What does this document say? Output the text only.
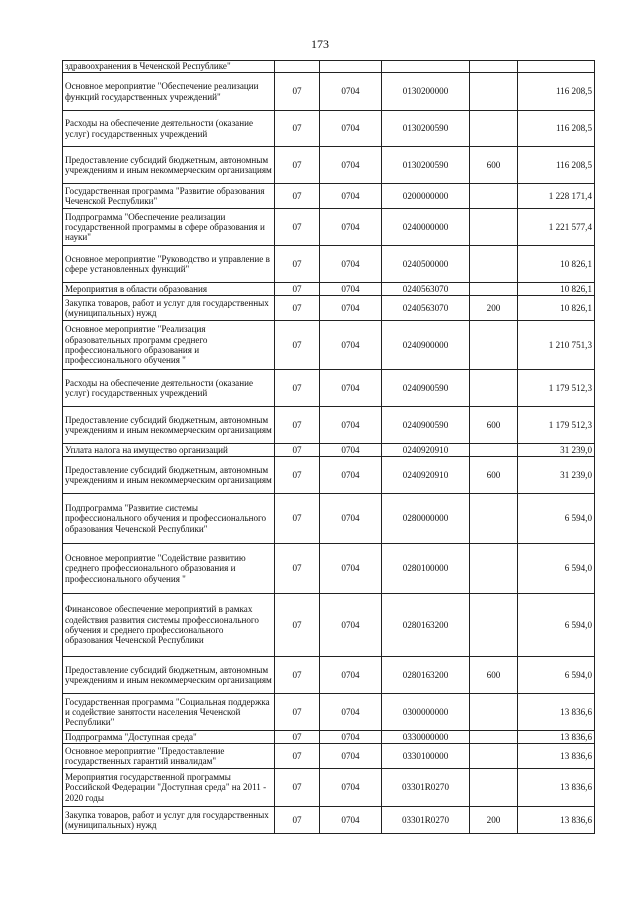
173
здравоохранения в Чеченской Республике"					
Основное мероприятие "Обеспечение реализации функций государственных учреждений"	07	0704	0130200000		116 208,5
Расходы на обеспечение деятельности (оказание услуг) государственных учреждений	07	0704	0130200590		116 208,5
Предоставление субсидий бюджетным, автономным учреждениям и иным некоммерческим организациям	07	0704	0130200590	600	116 208,5
Государственная программа "Развитие образования Чеченской Республики"	07	0704	0200000000		1 228 171,4
Подпрограмма "Обеспечение реализации государственной программы в сфере образования и науки"	07	0704	0240000000		1 221 577,4
Основное мероприятие "Руководство и управление в сфере установленных функций"	07	0704	0240500000		10 826,1
Мероприятия в области образования	07	0704	0240563070		10 826,1
Закупка товаров, работ и услуг для государственных (муниципальных) нужд	07	0704	0240563070	200	10 826,1
Основное мероприятие "Реализация образовательных программ среднего профессионального образования и профессионального обучения "	07	0704	0240900000		1 210 751,3
Расходы на обеспечение деятельности (оказание услуг) государственных учреждений	07	0704	0240900590		1 179 512,3
Предоставление субсидий бюджетным, автономным учреждениям и иным некоммерческим организациям	07	0704	0240900590	600	1 179 512,3
Уплата налога на имущество организаций	07	0704	0240920910		31 239,0
Предоставление субсидий бюджетным, автономным учреждениям и иным некоммерческим организациям	07	0704	0240920910	600	31 239,0
Подпрограмма "Развитие системы профессионального обучения и профессионального образования Чеченской Республики"	07	0704	0280000000		6 594,0
Основное мероприятие "Содействие развитию среднего профессионального образования и профессионального обучения "	07	0704	0280100000		6 594,0
Финансовое обеспечение мероприятий в рамках содействия развития системы профессионального обучения и среднего профессионального образования Чеченской Республики	07	0704	0280163200		6 594,0
Предоставление субсидий бюджетным, автономным учреждениям и иным некоммерческим организациям	07	0704	0280163200	600	6 594,0
Государственная программа "Социальная поддержка и содействие занятости населения Чеченской Республики"	07	0704	0300000000		13 836,6
Подпрограмма "Доступная среда"	07	0704	0330000000		13 836,6
Основное мероприятие "Предоставление государственных гарантий инвалидам"	07	0704	0330100000		13 836,6
Мероприятия государственной программы Российской Федерации "Доступная среда" на 2011 - 2020 годы	07	0704	03301R0270		13 836,6
Закупка товаров, работ и услуг для государственных (муниципальных) нужд	07	0704	03301R0270	200	13 836,6
